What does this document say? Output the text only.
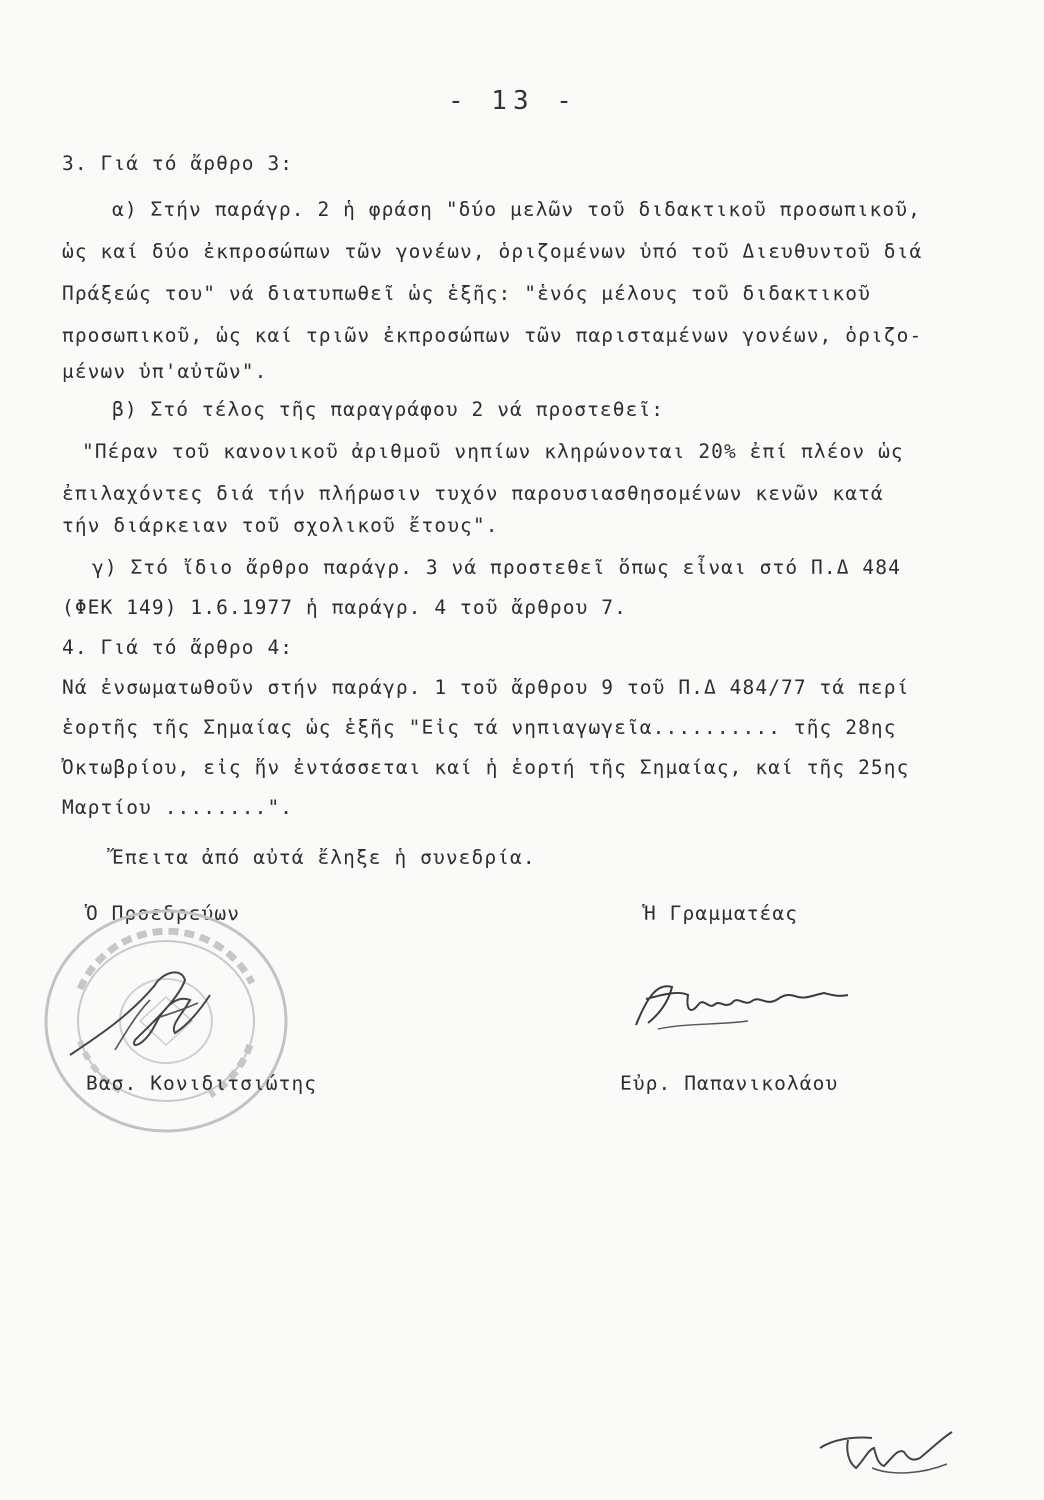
- 13 -
3. Γιά τό ἄρθρο 3:
α) Στήν παράγρ. 2 ἡ φράση "δύο μελῶν τοῦ διδακτικοῦ προσωπικοῦ,
ὡς καί δύο ἐκπροσώπων τῶν γονέων, ὁριζομένων ὑπό τοῦ Διευθυντοῦ διά
Πράξεώς του" νά διατυπωθεῖ ὡς ἑξῆς: "ἑνός μέλους τοῦ διδακτικοῦ
προσωπικοῦ, ὡς καί τριῶν ἐκπροσώπων τῶν παρισταμένων γονέων, ὁριζο-
μένων ὑπ'αὐτῶν".
β) Στό τέλος τῆς παραγράφου 2 νά προστεθεῖ:
"Πέραν τοῦ κανονικοῦ ἀριθμοῦ νηπίων κληρώνονται 20% ἐπί πλέον ὡς
ἐπιλαχόντες διά τήν πλήρωσιν τυχόν παρουσιασθησομένων κενῶν κατά
τήν διάρκειαν τοῦ σχολικοῦ ἔτους".
γ) Στό ἴδιο ἄρθρο παράγρ. 3 νά προστεθεῖ ὅπως εἶναι στό Π.Δ 484
(ΦΕΚ 149) 1.6.1977 ἡ παράγρ. 4 τοῦ ἄρθρου 7.
4. Γιά τό ἄρθρο 4:
Νά ἐνσωματωθοῦν στήν παράγρ. 1 τοῦ ἄρθρου 9 τοῦ Π.Δ 484/77 τά περί
ἑορτῆς τῆς Σημαίας ὡς ἑξῆς "Εἰς τά νηπιαγωγεῖα.......... τῆς 28ης
Ὀκτωβρίου, εἰς ἥν ἐντάσσεται καί ἡ ἑορτή τῆς Σημαίας, καί τῆς 25ης
Μαρτίου ........".
Ἔπειτα ἀπό αὐτά ἔληξε ἡ συνεδρία.
Ὁ Προεδρεύων	Ἡ Γραμματέας
Βασ. Κονιδιτσιώτης	Εὐρ. Παπανικολάου
